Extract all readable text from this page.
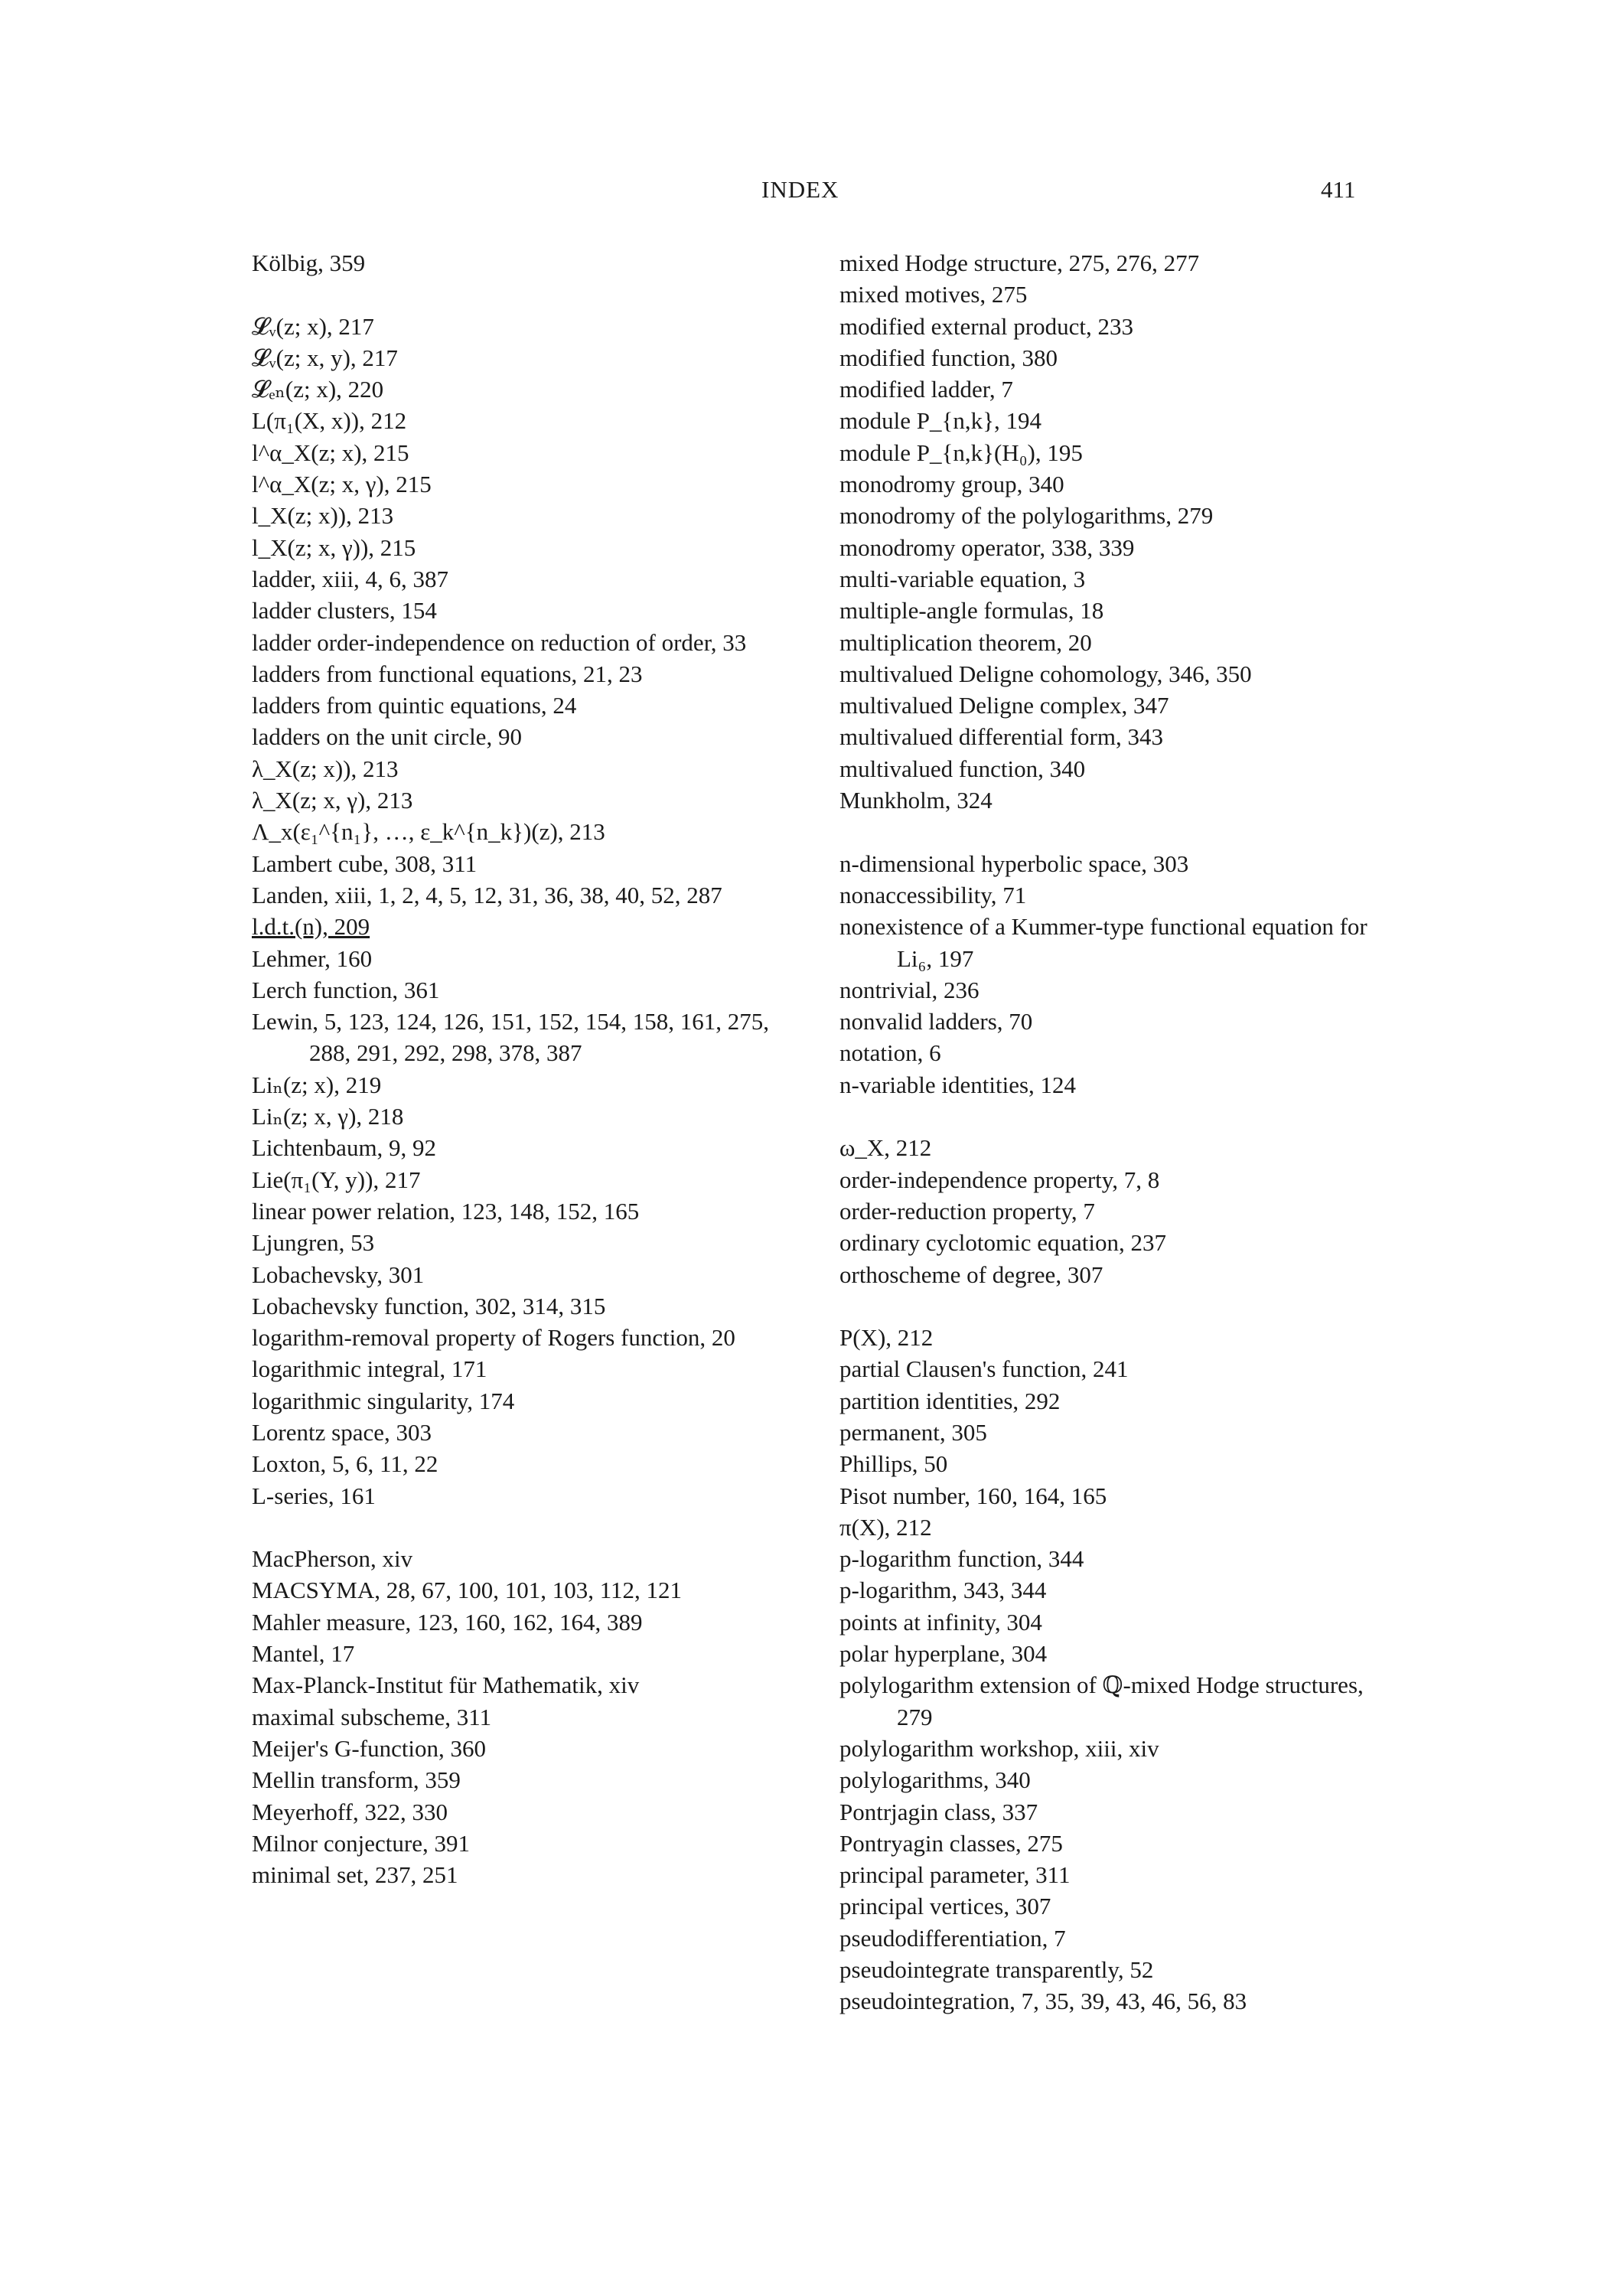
INDEX	411
Kölbig, 359
𝓛ᵥ(z; x), 217
𝓛ᵥ(z; x, y), 217
𝓛ₑₙ(z; x), 220
L(π₁(X, x)), 212
l^α_X(z; x), 215
l^α_X(z; x, γ), 215
l_X(z; x)), 213
l_X(z; x, γ)), 215
ladder, xiii, 4, 6, 387
ladder clusters, 154
ladder order-independence on reduction of order, 33
ladders from functional equations, 21, 23
ladders from quintic equations, 24
ladders on the unit circle, 90
λ_X(z; x)), 213
λ_X(z; x, γ), 213
Λ_x(ε₁^{n₁}, …, ε_k^{n_k})(z), 213
Lambert cube, 308, 311
Landen, xiii, 1, 2, 4, 5, 12, 31, 36, 38, 40, 52, 287
l.d.t.(n), 209
Lehmer, 160
Lerch function, 361
Lewin, 5, 123, 124, 126, 151, 152, 154, 158, 161, 275, 288, 291, 292, 298, 378, 387
Liₙ(z; x), 219
Liₙ(z; x, γ), 218
Lichtenbaum, 9, 92
Lie(π₁(Y, y)), 217
linear power relation, 123, 148, 152, 165
Ljungren, 53
Lobachevsky, 301
Lobachevsky function, 302, 314, 315
logarithm-removal property of Rogers function, 20
logarithmic integral, 171
logarithmic singularity, 174
Lorentz space, 303
Loxton, 5, 6, 11, 22
L-series, 161
MacPherson, xiv
MACSYMA, 28, 67, 100, 101, 103, 112, 121
Mahler measure, 123, 160, 162, 164, 389
Mantel, 17
Max-Planck-Institut für Mathematik, xiv
maximal subscheme, 311
Meijer's G-function, 360
Mellin transform, 359
Meyerhoff, 322, 330
Milnor conjecture, 391
minimal set, 237, 251
mixed Hodge structure, 275, 276, 277
mixed motives, 275
modified external product, 233
modified function, 380
modified ladder, 7
module P_{n,k}, 194
module P_{n,k}(H₀), 195
monodromy group, 340
monodromy of the polylogarithms, 279
monodromy operator, 338, 339
multi-variable equation, 3
multiple-angle formulas, 18
multiplication theorem, 20
multivalued Deligne cohomology, 346, 350
multivalued Deligne complex, 347
multivalued differential form, 343
multivalued function, 340
Munkholm, 324
n-dimensional hyperbolic space, 303
nonaccessibility, 71
nonexistence of a Kummer-type functional equation for Li₆, 197
nontrivial, 236
nonvalid ladders, 70
notation, 6
n-variable identities, 124
ω_X, 212
order-independence property, 7, 8
order-reduction property, 7
ordinary cyclotomic equation, 237
orthoscheme of degree, 307
P(X), 212
partial Clausen's function, 241
partition identities, 292
permanent, 305
Phillips, 50
Pisot number, 160, 164, 165
π(X), 212
p-logarithm function, 344
p-logarithm, 343, 344
points at infinity, 304
polar hyperplane, 304
polylogarithm extension of ℚ-mixed Hodge structures, 279
polylogarithm workshop, xiii, xiv
polylogarithms, 340
Pontrjagin class, 337
Pontryagin classes, 275
principal parameter, 311
principal vertices, 307
pseudodifferentiation, 7
pseudointegrate transparently, 52
pseudointegration, 7, 35, 39, 43, 46, 56, 83
